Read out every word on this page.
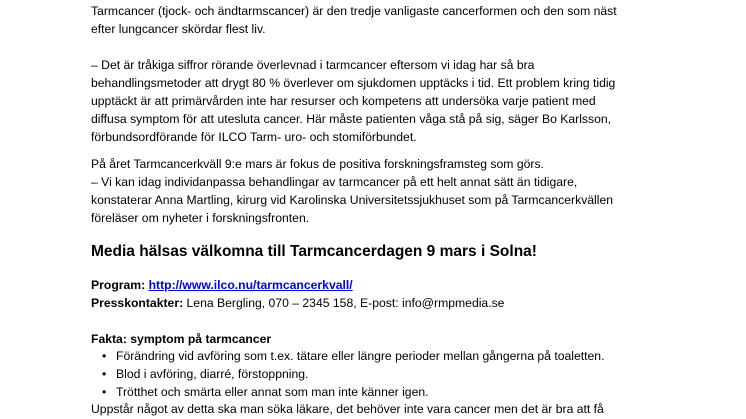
Tarmcancer (tjock- och ändtarmscancer) är den tredje vanligaste cancerformen och den som näst
efter lungcancer skördar flest liv.

– Det är tråkiga siffror rörande överlevnad i tarmcancer eftersom vi idag har så bra
behandlingsmetoder att drygt 80 % överlever om sjukdomen upptäcks i tid. Ett problem kring tidig
upptäckt är att primärvården inte har resurser och kompetens att undersöka varje patient med
diffusa symptom för att utesluta cancer. Här måste patienten våga stå på sig, säger Bo Karlsson,
förbundsordförande för ILCO Tarm- uro- och stomiförbundet.

På året Tarmcancerkväll 9:e mars är fokus de positiva forskningsframsteg som görs.
– Vi kan idag individanpassa behandlingar av tarmcancer på ett helt annat sätt än tidigare,
konstaterar Anna Martling, kirurg vid Karolinska Universitetssjukhuset som på Tarmcancerkvällen
föreläser om nyheter i forskningsfronten.

Media hälsas välkomna till Tarmcancerdagen 9 mars i Solna!

Program: http://www.ilco.nu/tarmcancerkvall/
Presskontakter: Lena Bergling, 070 – 2345 158, E-post: info@rmpmedia.se

Fakta: symptom på tarmcancer

• Förändring vid avföring som t.ex. tätare eller längre perioder mellan gångerna på toaletten.
• Blod i avföring, diarré, förstoppning.
• Trötthet och smärta eller annat som man inte känner igen.

Uppstår något av detta ska man söka läkare, det behöver inte vara cancer men det är bra att få
